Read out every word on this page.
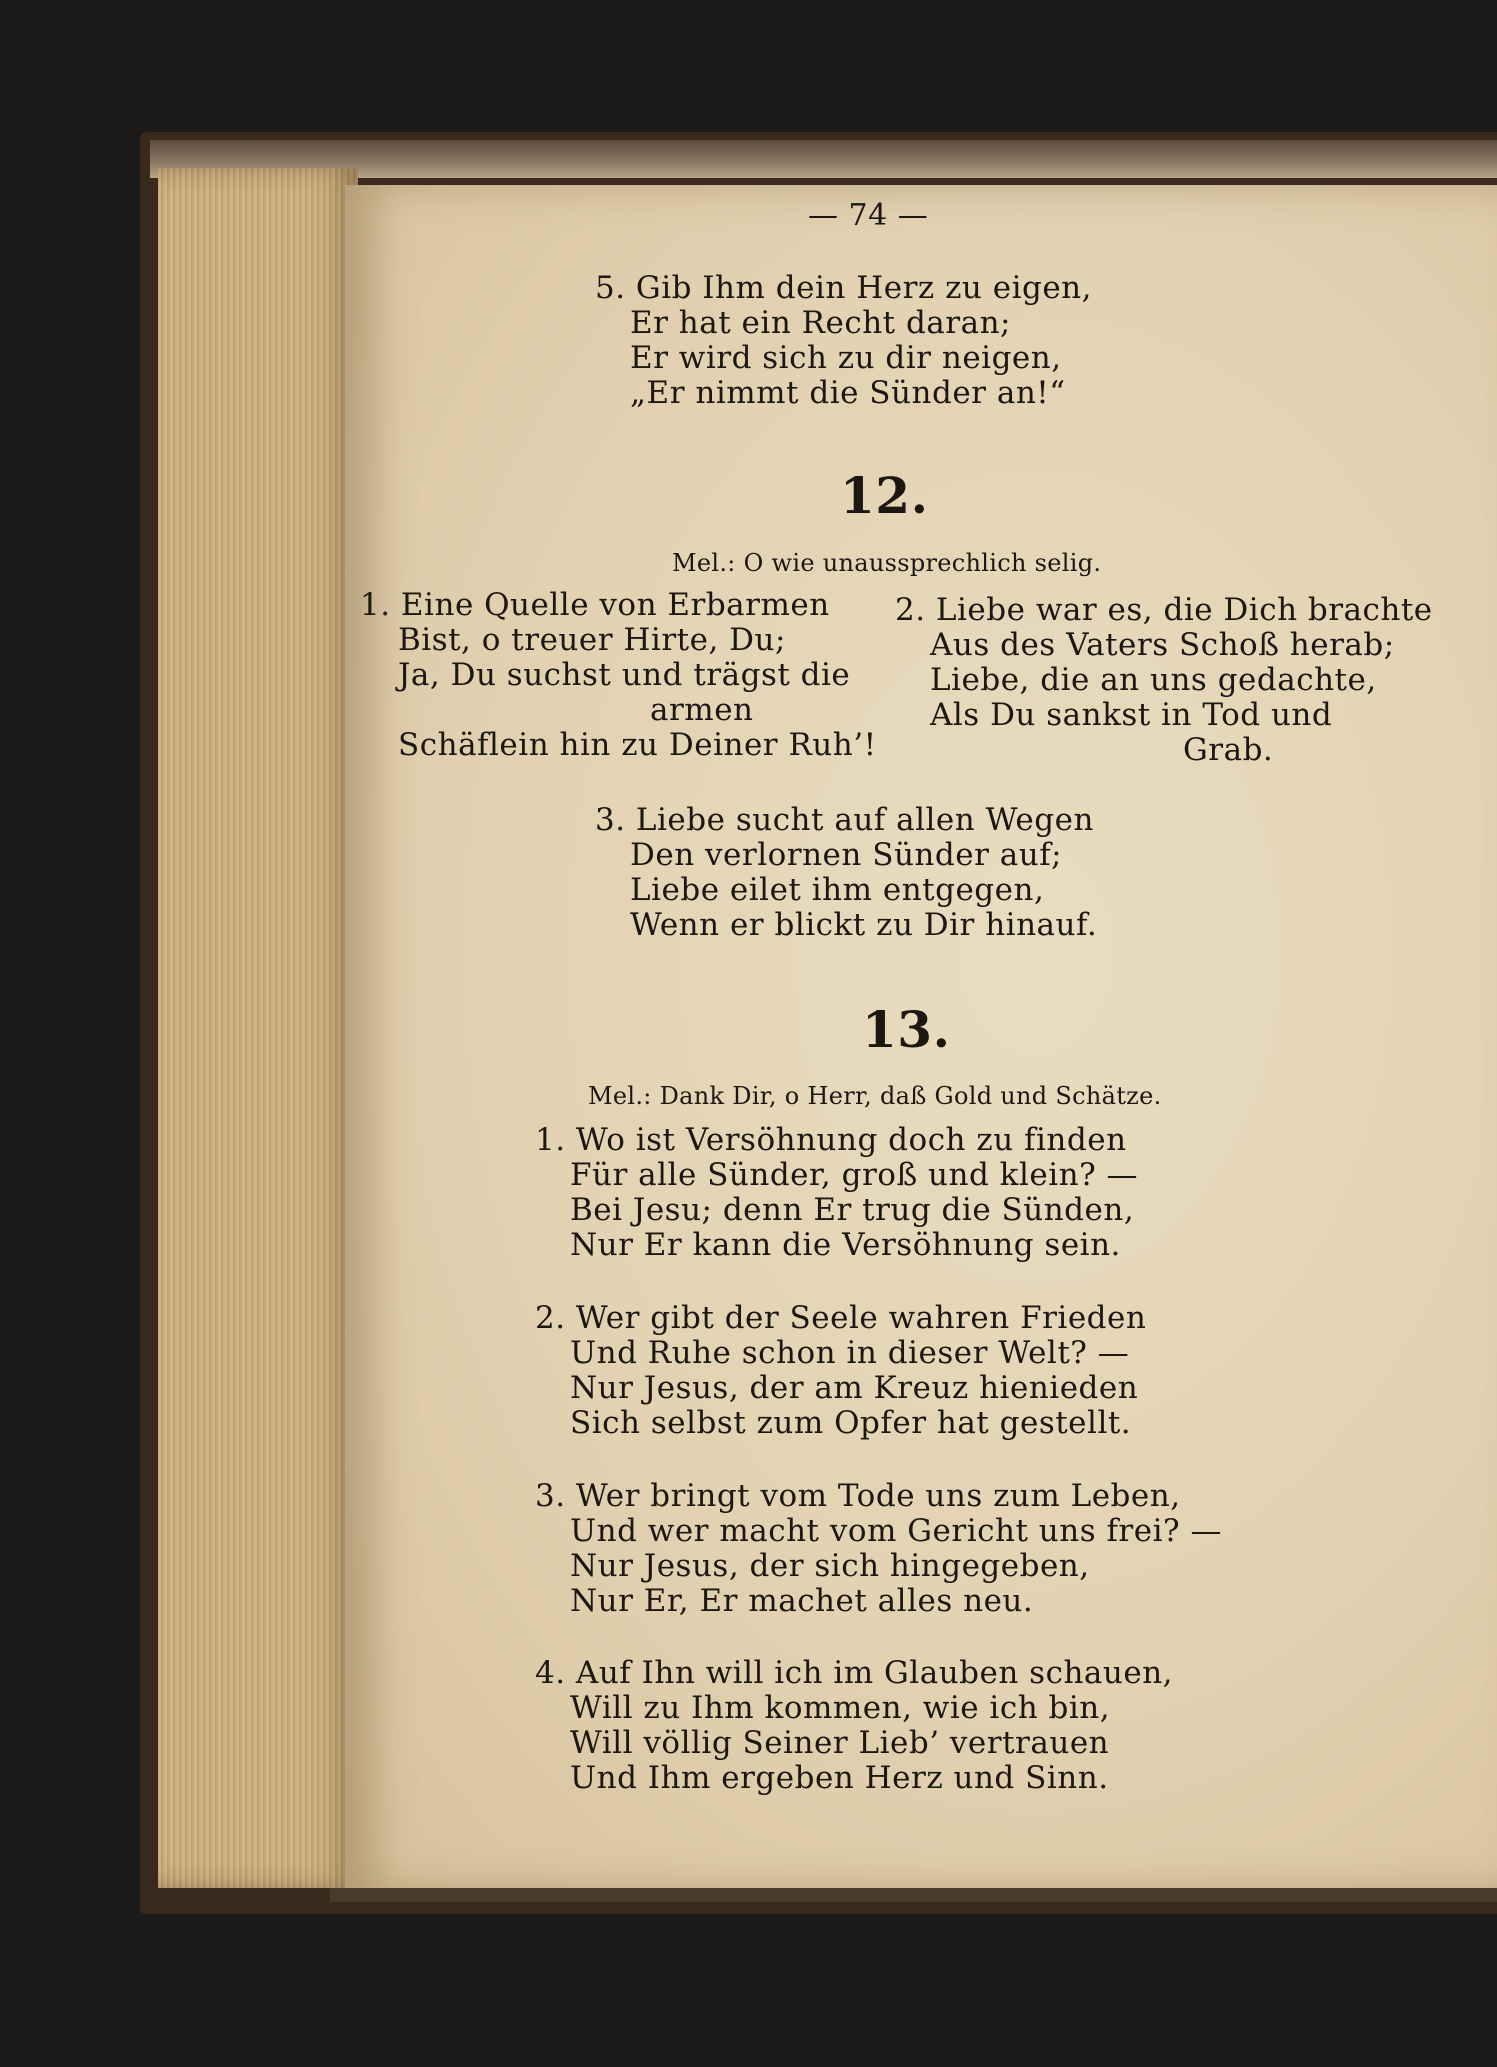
— 74 —

5. Gib Ihm dein Herz zu eigen,

Er hat ein Recht daran;

Er wird sich zu dir neigen,

„Er nimmt die Sünder an!“

12.

Mel.: O wie unaussprechlich selig.

1. Eine Quelle von Erbarmen

Bist, o treuer Hirte, Du;

Ja, Du suchst und trägst die

armen

Schäflein hin zu Deiner Ruh’!

2. Liebe war es, die Dich brachte

Aus des Vaters Schoß herab;

Liebe, die an uns gedachte,

Als Du sankst in Tod und

Grab.

3. Liebe sucht auf allen Wegen

Den verlornen Sünder auf;

Liebe eilet ihm entgegen,

Wenn er blickt zu Dir hinauf.

13.

Mel.: Dank Dir, o Herr, daß Gold und Schätze.

1. Wo ist Versöhnung doch zu finden

Für alle Sünder, groß und klein? —

Bei Jesu; denn Er trug die Sünden,

Nur Er kann die Versöhnung sein.

2. Wer gibt der Seele wahren Frieden

Und Ruhe schon in dieser Welt? —

Nur Jesus, der am Kreuz hienieden

Sich selbst zum Opfer hat gestellt.

3. Wer bringt vom Tode uns zum Leben,

Und wer macht vom Gericht uns frei? —

Nur Jesus, der sich hingegeben,

Nur Er, Er machet alles neu.

4. Auf Ihn will ich im Glauben schauen,

Will zu Ihm kommen, wie ich bin,

Will völlig Seiner Lieb’ vertrauen

Und Ihm ergeben Herz und Sinn.
